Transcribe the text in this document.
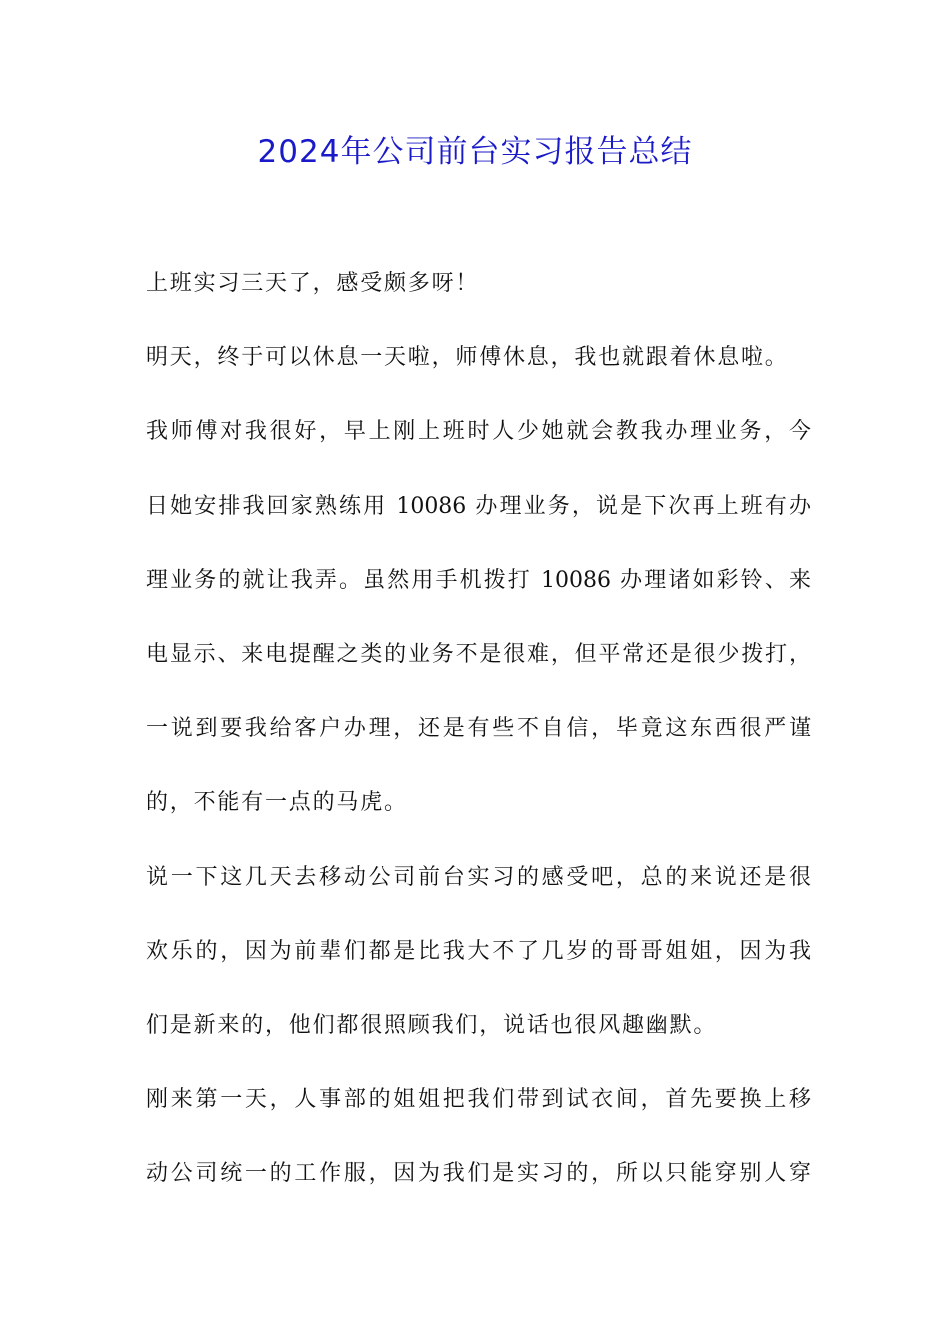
2024年公司前台实习报告总结
上班实习三天了，感受颇多呀！
明天，终于可以休息一天啦，师傅休息，我也就跟着休息啦。
我师傅对我很好，早上刚上班时人少她就会教我办理业务，今
日她安排我回家熟练用 10086 办理业务，说是下次再上班有办
理业务的就让我弄。虽然用手机拨打 10086 办理诸如彩铃、来
电显示、来电提醒之类的业务不是很难，但平常还是很少拨打，
一说到要我给客户办理，还是有些不自信，毕竟这东西很严谨
的，不能有一点的马虎。
说一下这几天去移动公司前台实习的感受吧，总的来说还是很
欢乐的，因为前辈们都是比我大不了几岁的哥哥姐姐，因为我
们是新来的，他们都很照顾我们，说话也很风趣幽默。
刚来第一天，人事部的姐姐把我们带到试衣间，首先要换上移
动公司统一的工作服，因为我们是实习的，所以只能穿别人穿
